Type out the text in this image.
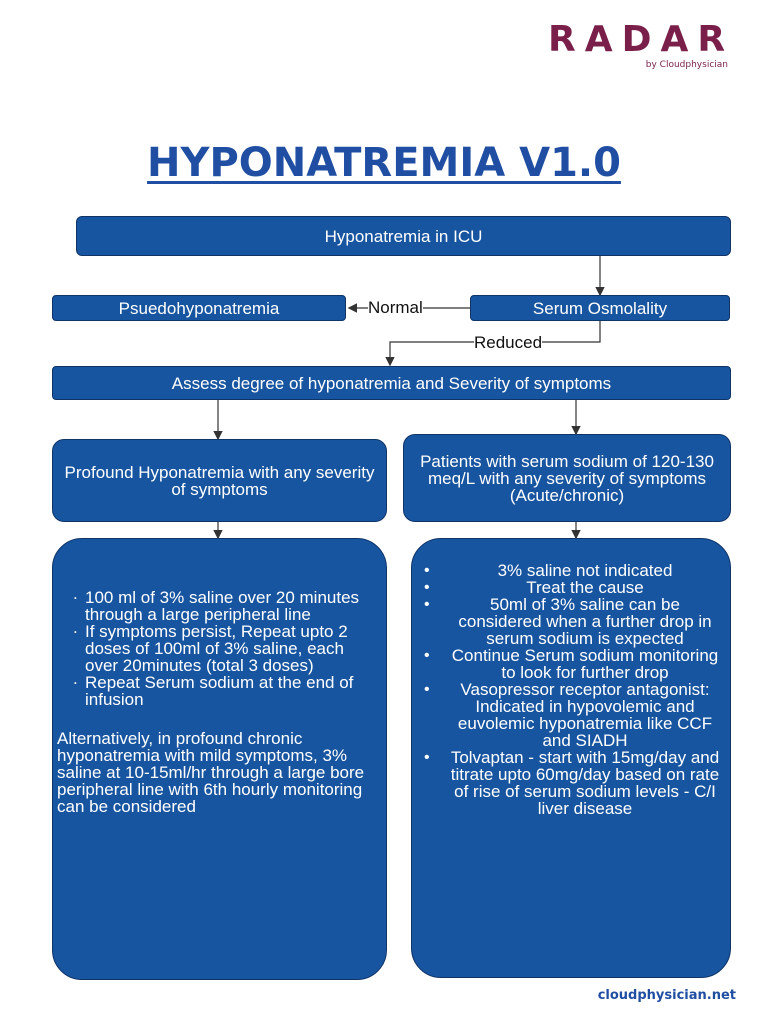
RADAR
by Cloudphysician
HYPONATREMIA V1.0
Hyponatremia in ICU
Psuedohyponatremia	Normal	Serum Osmolality
Reduced
Assess degree of hyponatremia and Severity of symptoms
Profound Hyponatremia with any severity of symptoms
Patients with serum sodium of 120-130 meq/L with any severity of symptoms (Acute/chronic)
. 100 ml of 3% saline over 20 minutes through a large peripheral line
. If symptoms persist, Repeat upto 2 doses of 100ml of 3% saline, each over 20minutes (total 3 doses)
. Repeat Serum sodium at the end of infusion
Alternatively, in profound chronic hyponatremia with mild symptoms, 3% saline at 10-15ml/hr through a large bore peripheral line with 6th hourly monitoring can be considered
• 3% saline not indicated
• Treat the cause
• 50ml of 3% saline can be considered when a further drop in serum sodium is expected
• Continue Serum sodium monitoring to look for further drop
• Vasopressor receptor antagonist: Indicated in hypovolemic and euvolemic hyponatremia like CCF and SIADH
• Tolvaptan - start with 15mg/day and titrate upto 60mg/day based on rate of rise of serum sodium levels - C/I liver disease
cloudphysician.net
